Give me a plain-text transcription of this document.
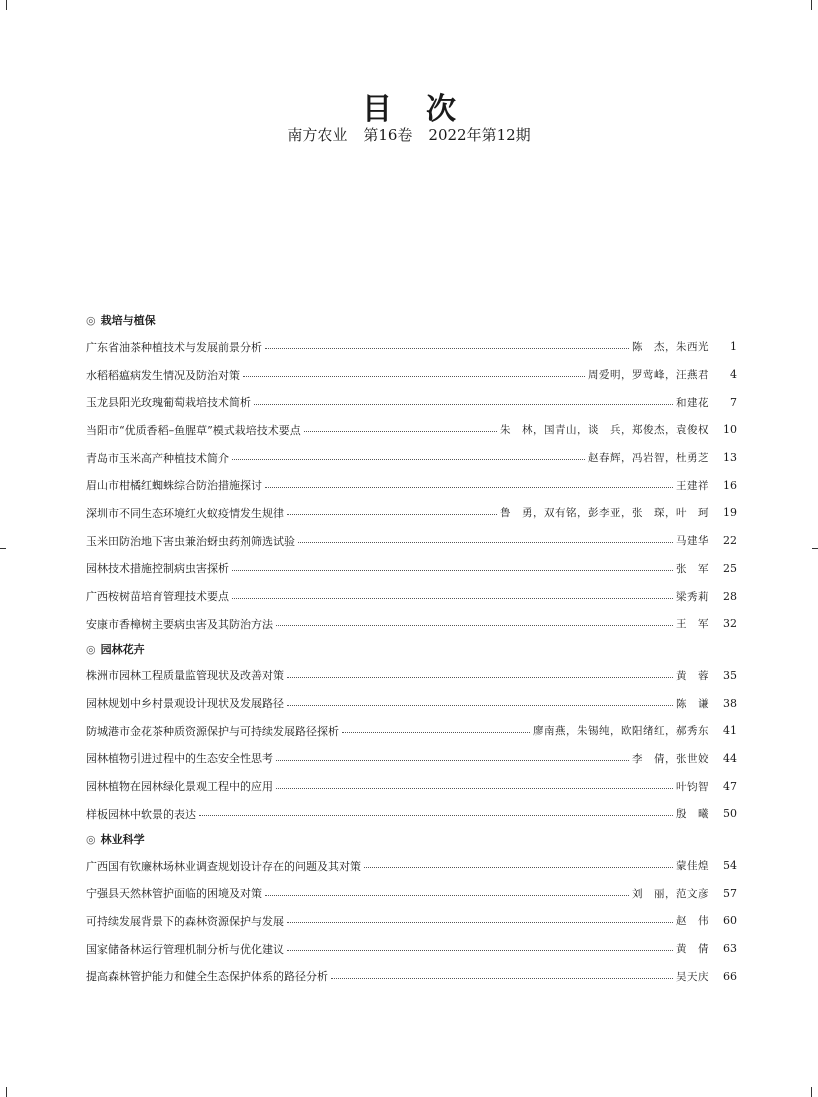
目 次
南方农业 第16卷 2022年第12期
◎ 栽培与植保
广东省油茶种植技术与发展前景分析	陈　杰，朱西光	1
水稻稻瘟病发生情况及防治对策	周爱明，罗莺峰，汪燕君	4
玉龙县阳光玫瑰葡萄栽培技术简析	和建花	7
当阳市“优质香稻–鱼腥草”模式栽培技术要点	朱　林，国青山，谈　兵，郑俊杰，袁俊权	10
青岛市玉米高产种植技术简介	赵春辉，冯岩智，杜勇芝	13
眉山市柑橘红蜘蛛综合防治措施探讨	王建祥	16
深圳市不同生态环境红火蚁疫情发生规律	鲁　勇，双有铭，彭李亚，张　琛，叶　珂	19
玉米田防治地下害虫兼治蚜虫药剂筛选试验	马建华	22
园林技术措施控制病虫害探析	张　军	25
广西桉树苗培育管理技术要点	梁秀莉	28
安康市香樟树主要病虫害及其防治方法	王　军	32
◎ 园林花卉
株洲市园林工程质量监管现状及改善对策	黄　蓉	35
园林规划中乡村景观设计现状及发展路径	陈　谦	38
防城港市金花茶种质资源保护与可持续发展路径探析	廖南燕，朱锡纯，欧阳绪红，郝秀东	41
园林植物引进过程中的生态安全性思考	李　倩，张世姣	44
园林植物在园林绿化景观工程中的应用	叶钧智	47
样板园林中软景的表达	殷　曦	50
◎ 林业科学
广西国有钦廉林场林业调查规划设计存在的问题及其对策	蒙佳煌	54
宁强县天然林管护面临的困境及对策	刘　丽，范文彦	57
可持续发展背景下的森林资源保护与发展	赵　伟	60
国家储备林运行管理机制分析与优化建议	黄　倩	63
提高森林管护能力和健全生态保护体系的路径分析	吴天庆	66
